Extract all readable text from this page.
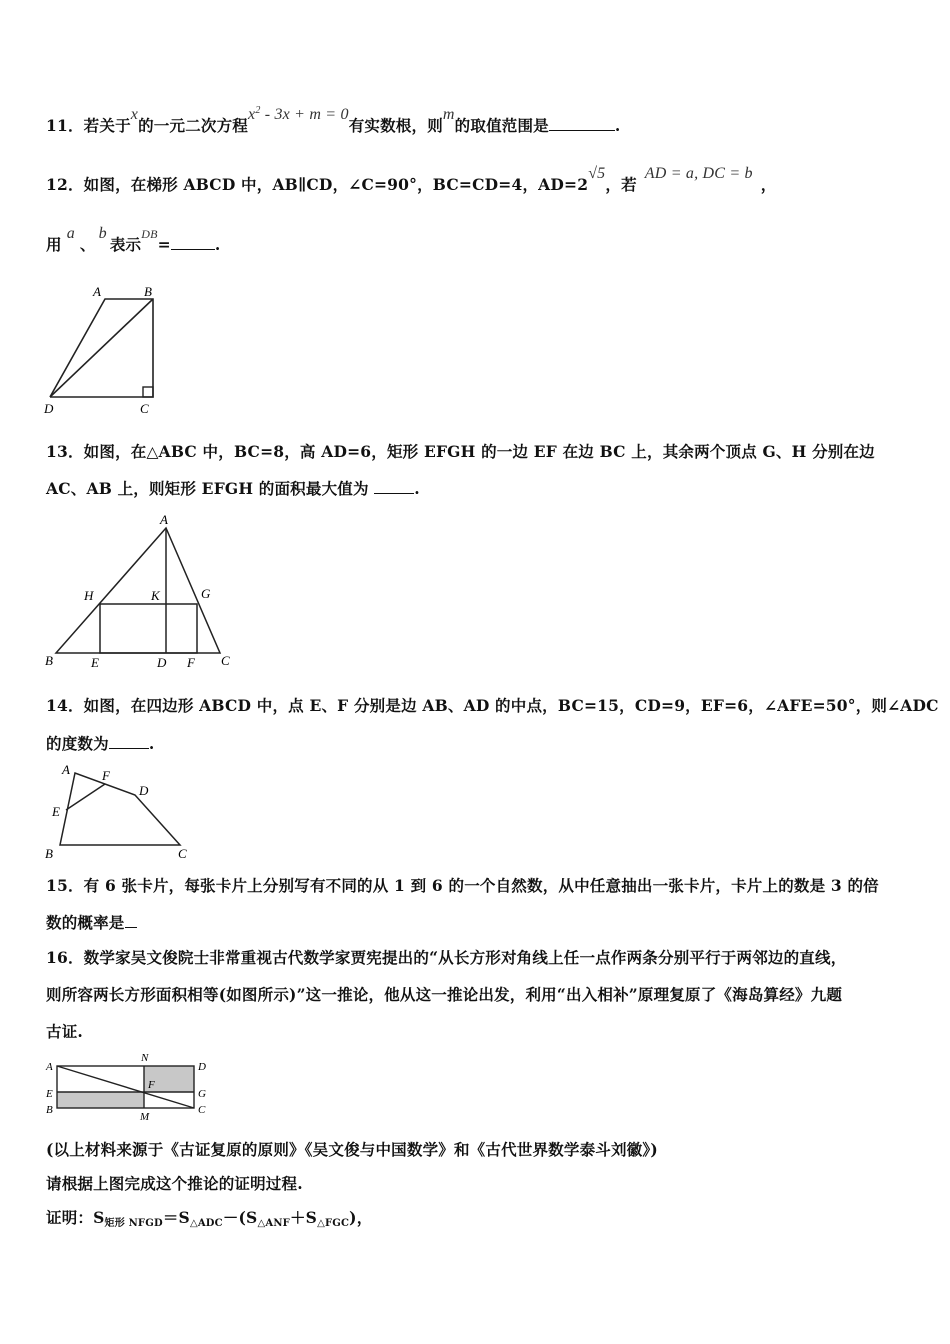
11．若关于x的一元二次方程$x^2 - 3x + m = 0$有实数根，则m的取值范围是	.
12．如图，在梯形 ABCD 中，AB∥CD，∠C=90°，BC=CD=4，AD=2√5，若AD = a, DC = b，
用a、b表示$^{DB}$=	.
A	B
D	C
13．如图，在△ABC 中，BC=8，高 AD=6，矩形 EFGH 的一边 EF 在边 BC 上，其余两个顶点 G、H 分别在边
AC、AB 上，则矩形 EFGH 的面积最大值为	.
A
H	K	G
B	E	D F C
14．如图，在四边形 ABCD 中，点 E、F 分别是边 AB、AD 的中点，BC=15，CD=9，EF=6，∠AFE=50°，则∠ADC
的度数为	.
A F
D
E
B	C
15．有 6 张卡片，每张卡片上分别写有不同的从 1 到 6 的一个自然数，从中任意抽出一张卡片，卡片上的数是 3 的倍
数的概率是
16．数学家吴文俊院士非常重视古代数学家贾宪提出的“从长方形对角线上任一点作两条分别平行于两邻边的直线，
则所容两长方形面积相等(如图所示)”这一推论，他从这一推论出发，利用“出入相补”原理复原了《海岛算经》九题
古证.
A
N
D
F
E	G
B
M
C
(以上材料来源于《古证复原的原则》《吴文俊与中国数学》和《古代世界数学泰斗刘徽》)
请根据上图完成这个推论的证明过程.
证明：S矩形 NFGD＝S△ADC－(S△ANF＋S△FGC)，
